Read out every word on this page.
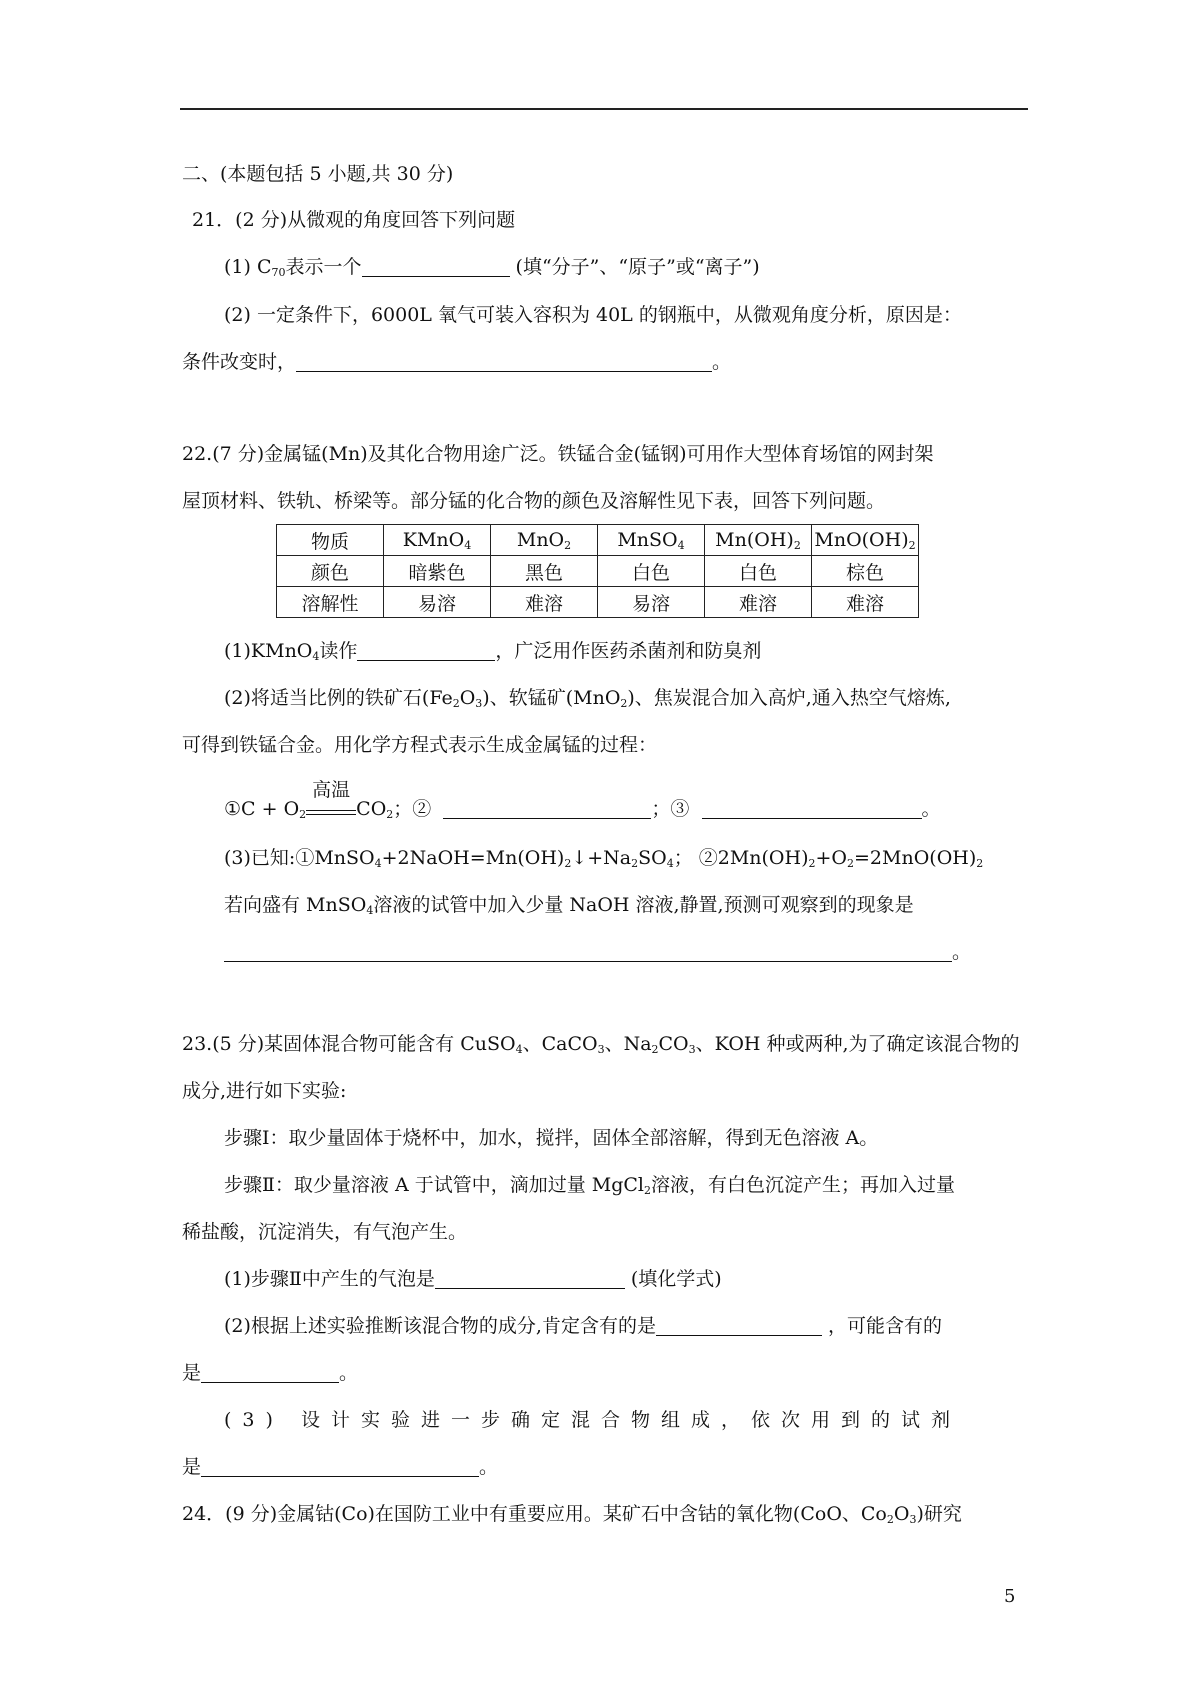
二、(本题包括 5 小题,共 30 分)
21．(2 分)从微观的角度回答下列问题
(1) $C_{70}$表示一个	(填“分子”、“原子”或“离子”)
(2) 一定条件下，6000L 氧气可装入容积为 40L 的钢瓶中，从微观角度分析，原因是：
条件改变时，	。
22.(7 分)金属锰(Mn)及其化合物用途广泛。铁锰合金(锰钢)可用作大型体育场馆的网封架
屋顶材料、铁轨、桥梁等。部分锰的化合物的颜色及溶解性见下表，回答下列问题。
物质	KMnO$_4$	MnO$_2$	MnSO$_4$	$Mn(OH)_2$	$MnO(OH)_2$
颜色	暗紫色	黑色	白色	白色	棕色
溶解性	易溶	难溶	易溶	难溶	难溶
(1)KMnO$_4$读作	，广泛用作医药杀菌剂和防臭剂
(2)将适当比例的铁矿石$(Fe_2O_3)$、软锰矿(MnO$_2$)、焦炭混合加入高炉,通入热空气熔炼,
可得到铁锰合金。用化学方程式表示生成金属锰的过程：
①C + $O_2$
高温
$CO_2$；②	；③	。
(3)已知$:①MnSO_4+2NaOH=Mn(OH)_2↓+Na_2SO_4$； $②2Mn(OH)_2+O_2=2MnO(OH)_2$
若向盛有 MnSO$_4$溶液的试管中加入少量 NaOH 溶液,静置,预测可观察到的现象是
。
23.(5 分)某固体混合物可能含有 CuSO$_4$、CaCO$_3$、$Na_2CO_3$、KOH 种或两种,为了确定该混合物的
成分,进行如下实验:
步骤Ⅰ：取少量固体于烧杯中，加水，搅拌，固体全部溶解，得到无色溶液 A。
步骤Ⅱ：取少量溶液 A 于试管中，滴加过量 MgCl$_2$溶液，有白色沉淀产生；再加入过量
稀盐酸，沉淀消失，有气泡产生。
(1)步骤Ⅱ中产生的气泡是	(填化学式)
(2)根据上述实验推断该混合物的成分,肯定含有的是	，可能含有的
是	。
(3) 设计实验进一步确定混合物组成，依次用到的试剂
是	。
24．(9 分)金属钴(Co)在国防工业中有重要应用。某矿石中含钴的氧化物(CoO、$Co_2O_3$)研究
5
